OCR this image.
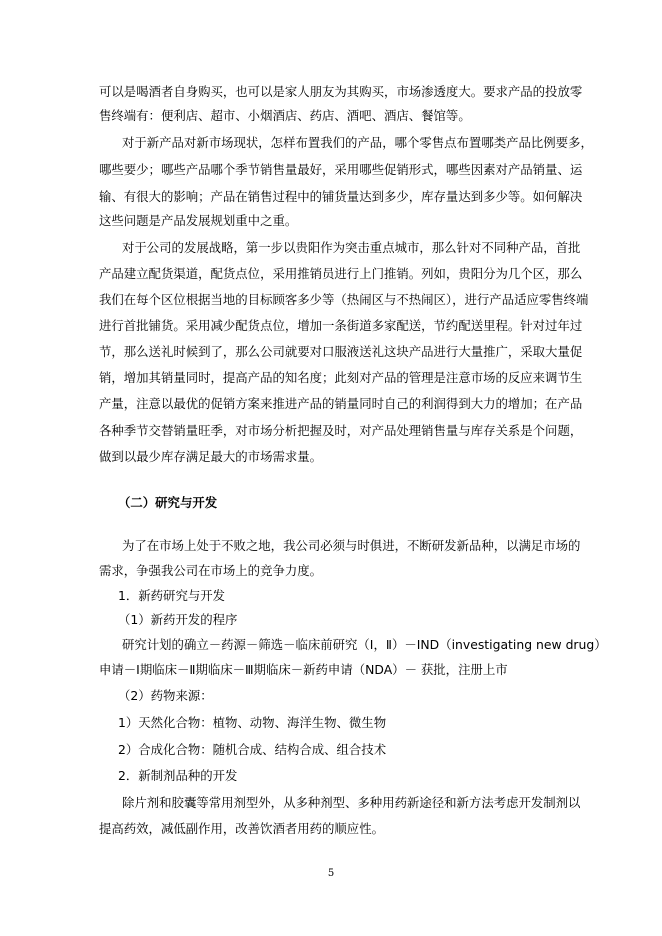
可以是喝酒者自身购买，也可以是家人朋友为其购买，市场渗透度大。要求产品的投放零
售终端有：便利店、超市、小烟酒店、药店、酒吧、酒店、餐馆等。
对于新产品对新市场现状，怎样布置我们的产品，哪个零售点布置哪类产品比例要多，
哪些要少；哪些产品哪个季节销售量最好，采用哪些促销形式，哪些因素对产品销量、运
输、有很大的影响；产品在销售过程中的铺货量达到多少，库存量达到多少等。如何解决
这些问题是产品发展规划重中之重。
对于公司的发展战略，第一步以贵阳作为突击重点城市，那么针对不同种产品，首批
产品建立配货渠道，配货点位，采用推销员进行上门推销。列如，贵阳分为几个区，那么
我们在每个区位根据当地的目标顾客多少等（热闹区与不热闹区），进行产品适应零售终端
进行首批铺货。采用减少配货点位，增加一条街道多家配送，节约配送里程。针对过年过
节，那么送礼时候到了，那么公司就要对口服液送礼这块产品进行大量推广，采取大量促
销，增加其销量同时，提高产品的知名度；此刻对产品的管理是注意市场的反应来调节生
产量，注意以最优的促销方案来推进产品的销量同时自己的利润得到大力的增加；在产品
各种季节交替销量旺季，对市场分析把握及时，对产品处理销售量与库存关系是个问题，
做到以最少库存满足最大的市场需求量。
（二）研究与开发
为了在市场上处于不败之地，我公司必须与时俱进，不断研发新品种，以满足市场的
需求，争强我公司在市场上的竞争力度。
1．新药研究与开发
（1）新药开发的程序
研究计划的确立－药源－筛选－临床前研究（Ⅰ，Ⅱ）－IND（investigating new drug）
申请－Ⅰ期临床－Ⅱ期临床－Ⅲ期临床－新药申请（NDA）－ 获批，注册上市
（2）药物来源：
1）天然化合物：植物、动物、海洋生物、微生物
2）合成化合物：随机合成、结构合成、组合技术
2．新制剂品种的开发
除片剂和胶囊等常用剂型外，从多种剂型、多种用药新途径和新方法考虑开发制剂以
提高药效，减低副作用，改善饮酒者用药的顺应性。
5
